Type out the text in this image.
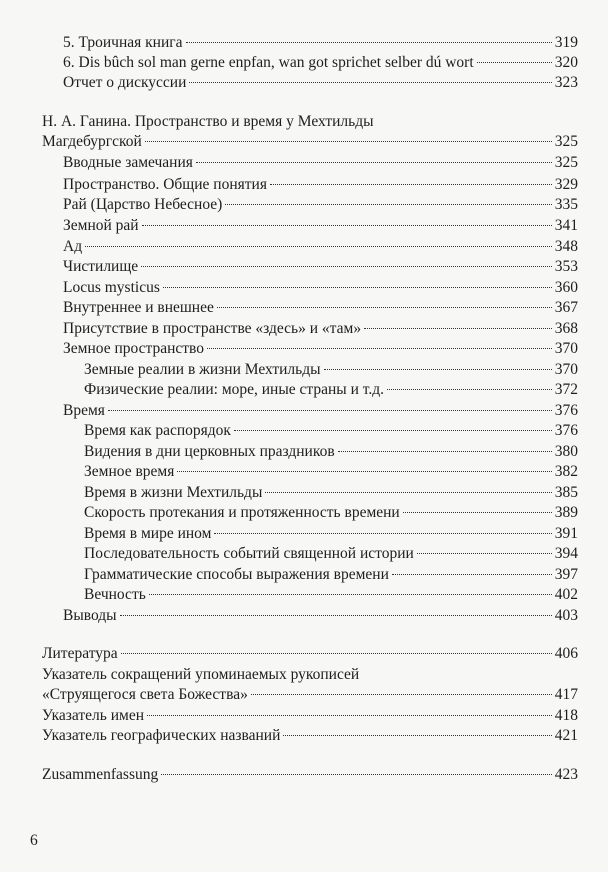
5. Троичная книга	319
6. Dis bûch sol man gerne enpfan, wan got sprichet selber dú wort	320
Отчет о дискуссии	323
Н. А. Ганина. Пространство и время у Мехтильды
Магдебургской	325
Вводные замечания	325
Пространство. Общие понятия	329
Рай (Царство Небесное)	335
Земной рай	341
Ад	348
Чистилище	353
Locus mysticus	360
Внутреннее и внешнее	367
Присутствие в пространстве «здесь» и «там»	368
Земное пространство	370
Земные реалии в жизни Мехтильды	370
Физические реалии: море, иные страны и т.д.	372
Время	376
Время как распорядок	376
Видения в дни церковных праздников	380
Земное время	382
Время в жизни Мехтильды	385
Скорость протекания и протяженность времени	389
Время в мире ином	391
Последовательность событий священной истории	394
Грамматические способы выражения времени	397
Вечность	402
Выводы	403
Литература	406
Указатель сокращений упоминаемых рукописей
«Струящегося света Божества»	417
Указатель имен	418
Указатель географических названий	421
Zusammenfassung	423
6
